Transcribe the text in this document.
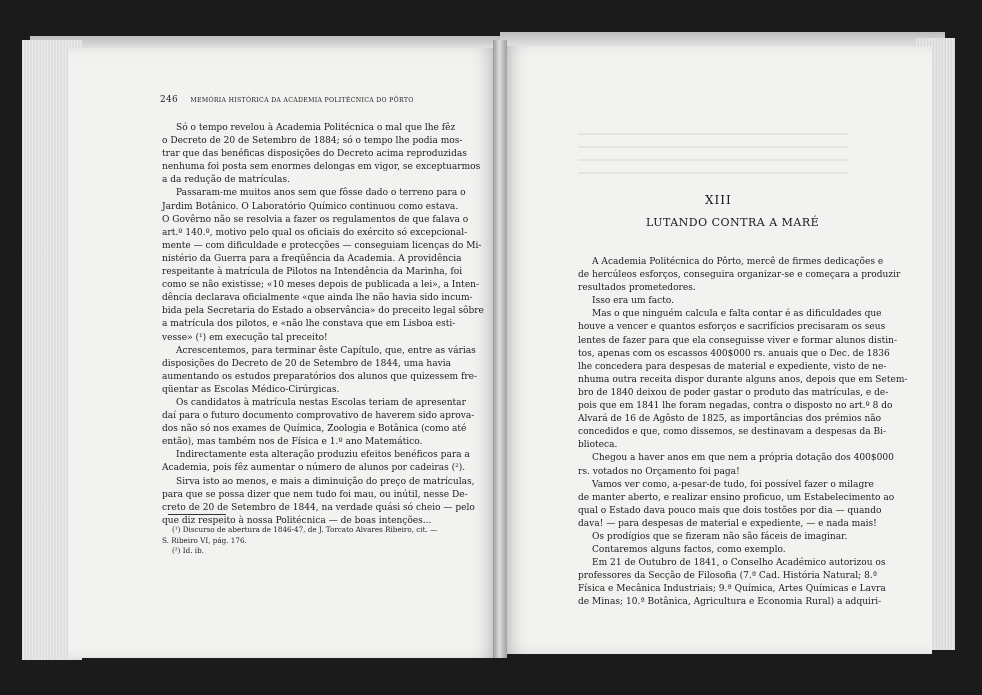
246 MEMÓRIA HISTÓRICA DA ACADEMIA POLITÉCNICA DO PÔRTO
Só o tempo revelou à Academia Politécnica o mal que lhe fêz
o Decreto de 20 de Setembro de 1884; só o tempo lhe podia mos-
trar que das benéficas disposições do Decreto acima reproduzidas
nenhuma foi posta sem enormes delongas em vigor, se exceptuarmos
a da redução de matrículas.
Passaram-me muitos anos sem que fôsse dado o terreno para o
Jardim Botânico. O Laboratório Químico continuou como estava.
O Govêrno não se resolvia a fazer os regulamentos de que falava o
art.º 140.º, motivo pelo qual os oficiais do exército só excepcional-
mente — com dificuldade e protecções — conseguiam licenças do Mi-
nistério da Guerra para a freqüência da Academia. A providência
respeitante à matrícula de Pilotos na Intendência da Marinha, foi
como se não existisse; «10 meses depois de publicada a lei», a Inten-
dência declarava oficialmente «que ainda lhe não havia sido incum-
bida pela Secretaria do Estado a observância» do preceito legal sôbre
a matrícula dos pilotos, e «não lhe constava que em Lisboa esti-
vesse» (¹) em execução tal preceito!
Acrescentemos, para terminar êste Capítulo, que, entre as várias
disposições do Decreto de 20 de Setembro de 1844, uma havia
aumentando os estudos preparatórios dos alunos que quizessem fre-
qüentar as Escolas Médico-Cirúrgicas.
Os candidatos à matrícula nestas Escolas teriam de apresentar
daí para o futuro documento comprovativo de haverem sido aprova-
dos não só nos exames de Química, Zoologia e Botânica (como até
então), mas também nos de Física e 1.º ano Matemático.
Indirectamente esta alteração produziu efeitos benéficos para a
Academia, pois fêz aumentar o número de alunos por cadeiras (²).
Sirva isto ao menos, e mais a diminuição do preço de matrículas,
para que se possa dizer que nem tudo foi mau, ou inútil, nesse De-
creto de 20 de Setembro de 1844, na verdade quási só cheio — pelo
que diz respeito à nossa Politécnica — de boas intenções...
(¹) Discurso de abertura de 1846-47, de J. Torcato Alvares Ribeiro, cit. —
S. Ribeiro VI, pág. 176.
(²) Id. ib.
XIII
LUTANDO CONTRA A MARÉ
A Academia Politécnica do Pôrto, mercê de firmes dedicações e
de hercúleos esforços, conseguira organizar-se e começara a produzir
resultados prometedores.
Isso era um facto.
Mas o que ninguém calcula e falta contar é as dificuldades que
houve a vencer e quantos esforços e sacrifícios precisaram os seus
lentes de fazer para que ela conseguisse viver e formar alunos distin-
tos, apenas com os escassos 400$000 rs. anuais que o Dec. de 1836
lhe concedera para despesas de material e expediente, visto de ne-
nhuma outra receita dispor durante alguns anos, depois que em Setem-
bro de 1840 deixou de poder gastar o produto das matrículas, e de-
pois que em 1841 lhe foram negadas, contra o disposto no art.º 8 do
Alvará de 16 de Agôsto de 1825, as importâncias dos prémios não
concedidos e que, como dissemos, se destinavam a despesas da Bi-
blioteca.
Chegou a haver anos em que nem a própria dotação dos 400$000
rs. votados no Orçamento foi paga!
Vamos ver como, a-pesar-de tudo, foi possível fazer o milagre
de manter aberto, e realizar ensino proficuo, um Estabelecimento ao
qual o Estado dava pouco mais que dois tostões por dia — quando
dava! — para despesas de material e expediente, — e nada mais!
Os prodígios que se fizeram não são fáceis de imaginar.
Contaremos alguns factos, como exemplo.
Em 21 de Outubro de 1841, o Conselho Académico autorizou os
professores da Secção de Filosofia (7.ª Cad. História Natural; 8.ª
Física e Mecânica Industriais; 9.ª Química, Artes Químicas e Lavra
de Minas; 10.ª Botânica, Agricultura e Economia Rural) a adquiri-
